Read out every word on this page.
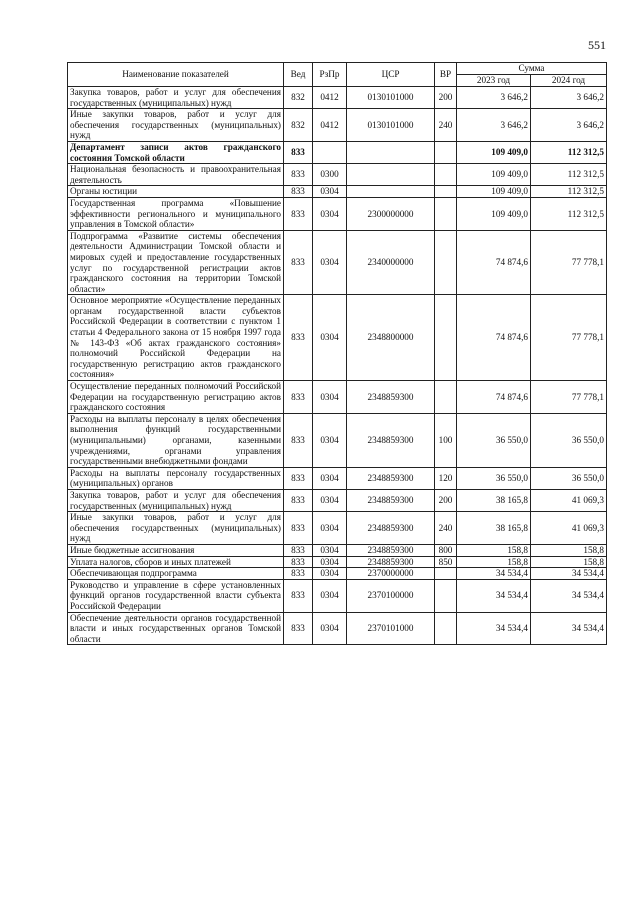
551
Наименование показателей	Вед	РзПр	ЦСР	ВР	Сумма	
					2023 год	2024 год
Закупка товаров, работ и услуг для обеспечения государственных (муниципальных) нужд	832	0412	0130101000	200	3 646,2	3 646,2
Иные закупки товаров, работ и услуг для обеспечения государственных (муниципальных) нужд	832	0412	0130101000	240	3 646,2	3 646,2
Департамент записи актов гражданского состояния Томской области	833				109 409,0	112 312,5
Национальная безопасность и правоохранительная деятельность	833	0300			109 409,0	112 312,5
Органы юстиции	833	0304			109 409,0	112 312,5
Государственная программа «Повышение эффективности регионального и муниципального управления в Томской области»	833	0304	2300000000		109 409,0	112 312,5
Подпрограмма «Развитие системы обеспечения деятельности Администрации Томской области и мировых судей и предоставление государственных услуг по государственной регистрации актов гражданского состояния на территории Томской области»	833	0304	2340000000		74 874,6	77 778,1
Основное мероприятие «Осуществление переданных органам государственной власти субъектов Российской Федерации в соответствии с пунктом 1 статьи 4 Федерального закона от 15 ноября 1997 года № 143-ФЗ «Об актах гражданского состояния» полномочий Российской Федерации на государственную регистрацию актов гражданского состояния»	833	0304	2348800000		74 874,6	77 778,1
Осуществление переданных полномочий Российской Федерации на государственную регистрацию актов гражданского состояния	833	0304	2348859300		74 874,6	77 778,1
Расходы на выплаты персоналу в целях обеспечения выполнения функций государственными (муниципальными) органами, казенными учреждениями, органами управления государственными внебюджетными фондами	833	0304	2348859300	100	36 550,0	36 550,0
Расходы на выплаты персоналу государственных (муниципальных) органов	833	0304	2348859300	120	36 550,0	36 550,0
Закупка товаров, работ и услуг для обеспечения государственных (муниципальных) нужд	833	0304	2348859300	200	38 165,8	41 069,3
Иные закупки товаров, работ и услуг для обеспечения государственных (муниципальных) нужд	833	0304	2348859300	240	38 165,8	41 069,3
Иные бюджетные ассигнования	833	0304	2348859300	800	158,8	158,8
Уплата налогов, сборов и иных платежей	833	0304	2348859300	850	158,8	158,8
Обеспечивающая подпрограмма	833	0304	2370000000		34 534,4	34 534,4
Руководство и управление в сфере установленных функций органов государственной власти субъекта Российской Федерации	833	0304	2370100000		34 534,4	34 534,4
Обеспечение деятельности органов государственной власти и иных государственных органов Томской области	833	0304	2370101000		34 534,4	34 534,4
